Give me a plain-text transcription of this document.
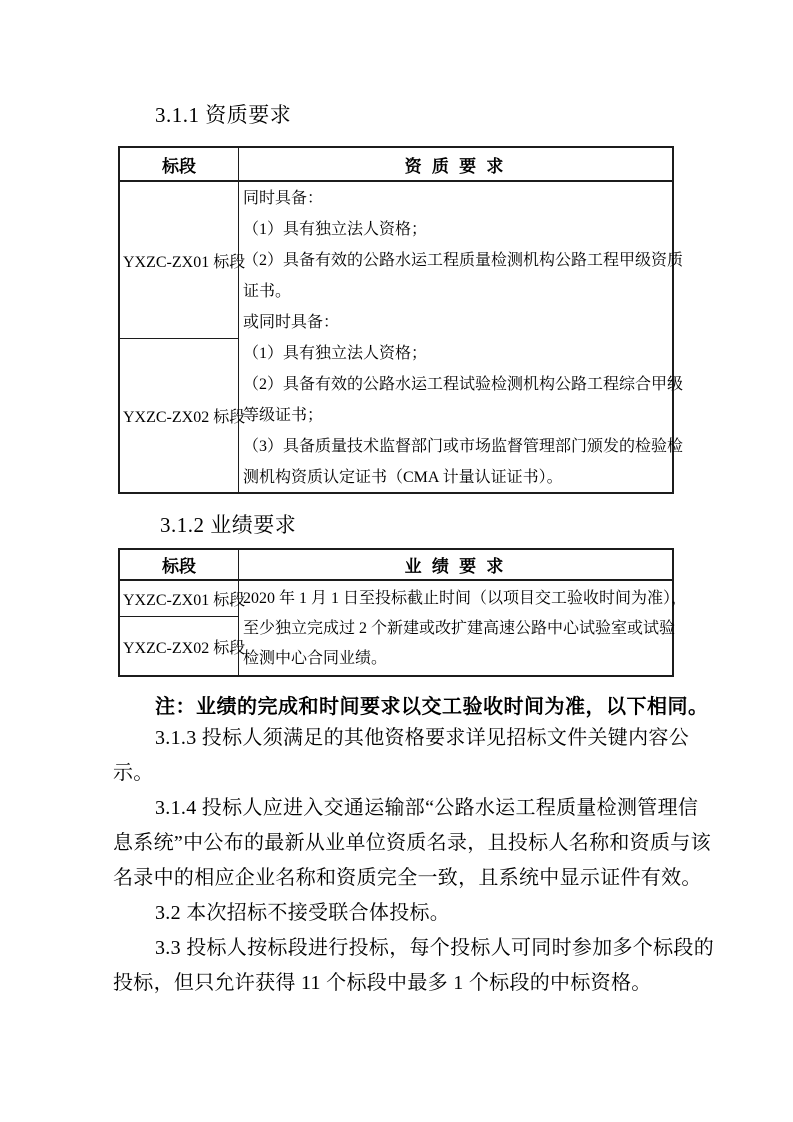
3.1.1 资质要求
标段	资 质 要 求
YXZC-ZX01 标段
YXZC-ZX02 标段
同时具备：
（1）具有独立法人资格；
（2）具备有效的公路水运工程质量检测机构公路工程甲级资质
证书。
或同时具备：
（1）具有独立法人资格；
（2）具备有效的公路水运工程试验检测机构公路工程综合甲级
等级证书；
（3）具备质量技术监督部门或市场监督管理部门颁发的检验检
测机构资质认定证书（CMA 计量认证证书）。
3.1.2 业绩要求
标段	业 绩 要 求
YXZC-ZX01 标段
YXZC-ZX02 标段
2020 年 1 月 1 日至投标截止时间（以项目交工验收时间为准），
至少独立完成过 2 个新建或改扩建高速公路中心试验室或试验
检测中心合同业绩。
注：业绩的完成和时间要求以交工验收时间为准，以下相同。
3.1.3 投标人须满足的其他资格要求详见招标文件关键内容公
示。
3.1.4 投标人应进入交通运输部“公路水运工程质量检测管理信
息系统”中公布的最新从业单位资质名录，且投标人名称和资质与该
名录中的相应企业名称和资质完全一致，且系统中显示证件有效。
3.2 本次招标不接受联合体投标。
3.3 投标人按标段进行投标，每个投标人可同时参加多个标段的
投标，但只允许获得 11 个标段中最多 1 个标段的中标资格。
